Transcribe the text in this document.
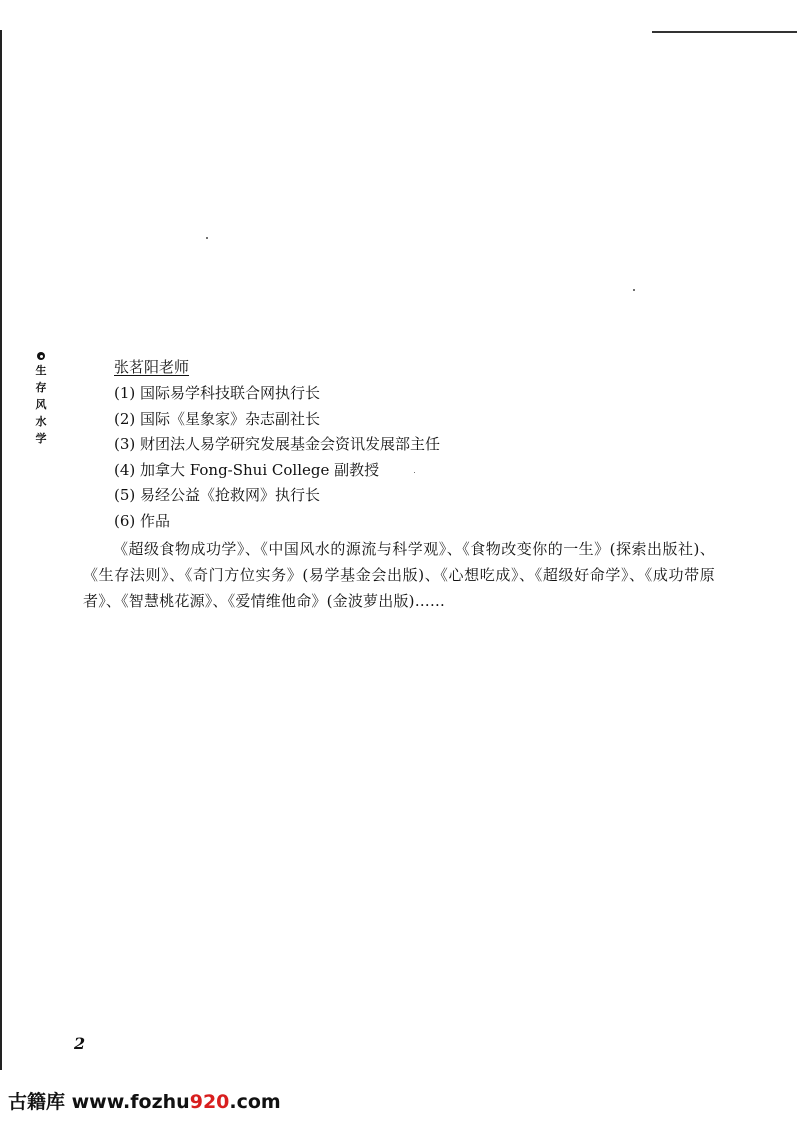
生
存
风
水
学
张茗阳老师
(1) 国际易学科技联合网执行长
(2) 国际《星象家》杂志副社长
(3) 财团法人易学研究发展基金会资讯发展部主任
(4) 加拿大 Fong-Shui College 副教授
(5) 易经公益《抢救网》执行长
(6) 作品
《超级食物成功学》、《中国风水的源流与科学观》、《食物改变你的一生》(探索出版社)、《生存法则》、《奇门方位实务》(易学基金会出版)、《心想吃成》、《超级好命学》、《成功带原者》、《智慧桃花源》、《爱情维他命》(金波萝出版)……
2
古籍库 www.fozhu920.com
